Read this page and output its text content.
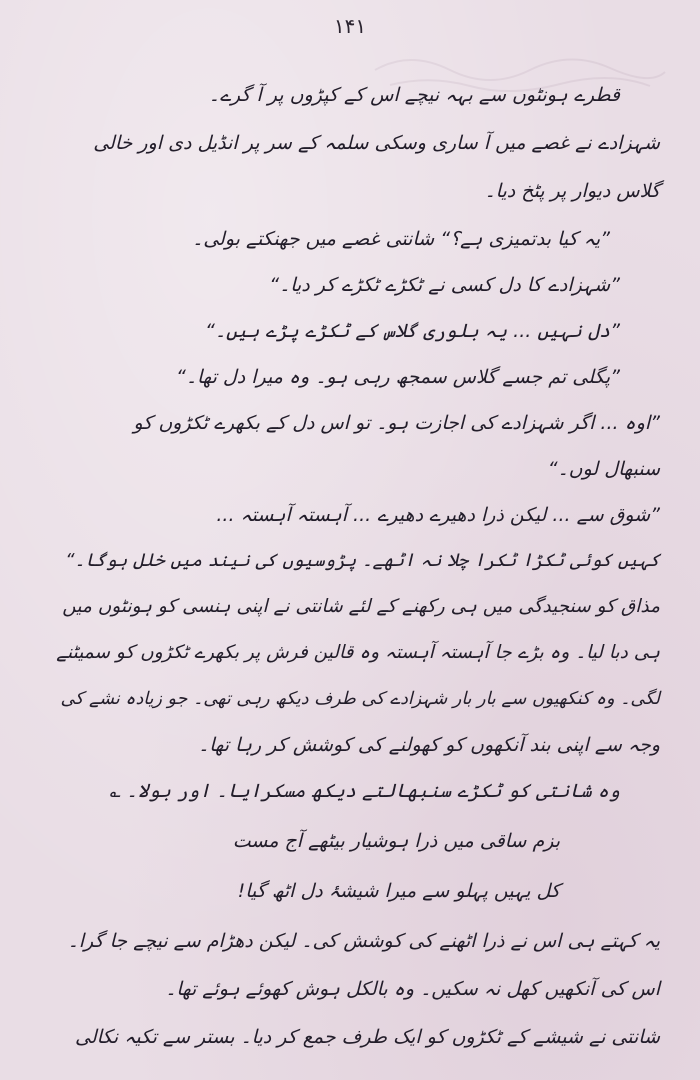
۱۴۱
قطرے ہونٹوں سے بہہ نیچے اس کے کپڑوں پر آ گرے۔
شہزادے نے غصے میں آ ساری وسکی سلمہ کے سر پر انڈیل دی اور خالی
گلاس دیوار پر پٹخ دیا۔
”یہ کیا بدتمیزی ہے؟“ شانتی غصے میں جھنکتے بولی۔
”شہزادے کا دل کسی نے ٹکڑے ٹکڑے کر دیا۔“
”دل نہیں ... یہ بلوری گلاس کے ٹکڑے پڑے ہیں۔“
”پگلی تم جسے گلاس سمجھ رہی ہو۔ وہ میرا دل تھا۔“
”اوہ ... اگر شہزادے کی اجازت ہو۔ تو اس دل کے بکھرے ٹکڑوں کو
سنبھال لوں۔“
”شوق سے ... لیکن ذرا دھیرے دھیرے ... آہستہ آہستہ ...
کہیں کوئی ٹکڑا ٹکرا چلا نہ اٹھے۔ پڑوسیوں کی نیند میں خلل ہوگا۔“
مذاق کو سنجیدگی میں ہی رکھنے کے لئے شانتی نے اپنی ہنسی کو ہونٹوں میں
ہی دبا لیا۔ وہ بڑے جا آہستہ آہستہ وہ قالین فرش پر بکھرے ٹکڑوں کو سمیٹنے
لگی۔ وہ کنکھیوں سے بار بار شہزادے کی طرف دیکھ رہی تھی۔ جو زیادہ نشے کی
وجہ سے اپنی بند آنکھوں کو کھولنے کی کوشش کر رہا تھا۔
وہ شانتی کو ٹکڑے سنبھالتے دیکھ مسکرایا۔ اور بولا۔ ؎
بزم ساقی میں ذرا ہوشیار بیٹھے آج مست
کل یہیں پہلو سے میرا شیشۂ دل اٹھ گیا!
یہ کہتے ہی اس نے ذرا اٹھنے کی کوشش کی۔ لیکن دھڑام سے نیچے جا گرا۔
اس کی آنکھیں کھل نہ سکیں۔ وہ بالکل ہوش کھوئے ہوئے تھا۔
شانتی نے شیشے کے ٹکڑوں کو ایک طرف جمع کر دیا۔ بستر سے تکیہ نکالی
